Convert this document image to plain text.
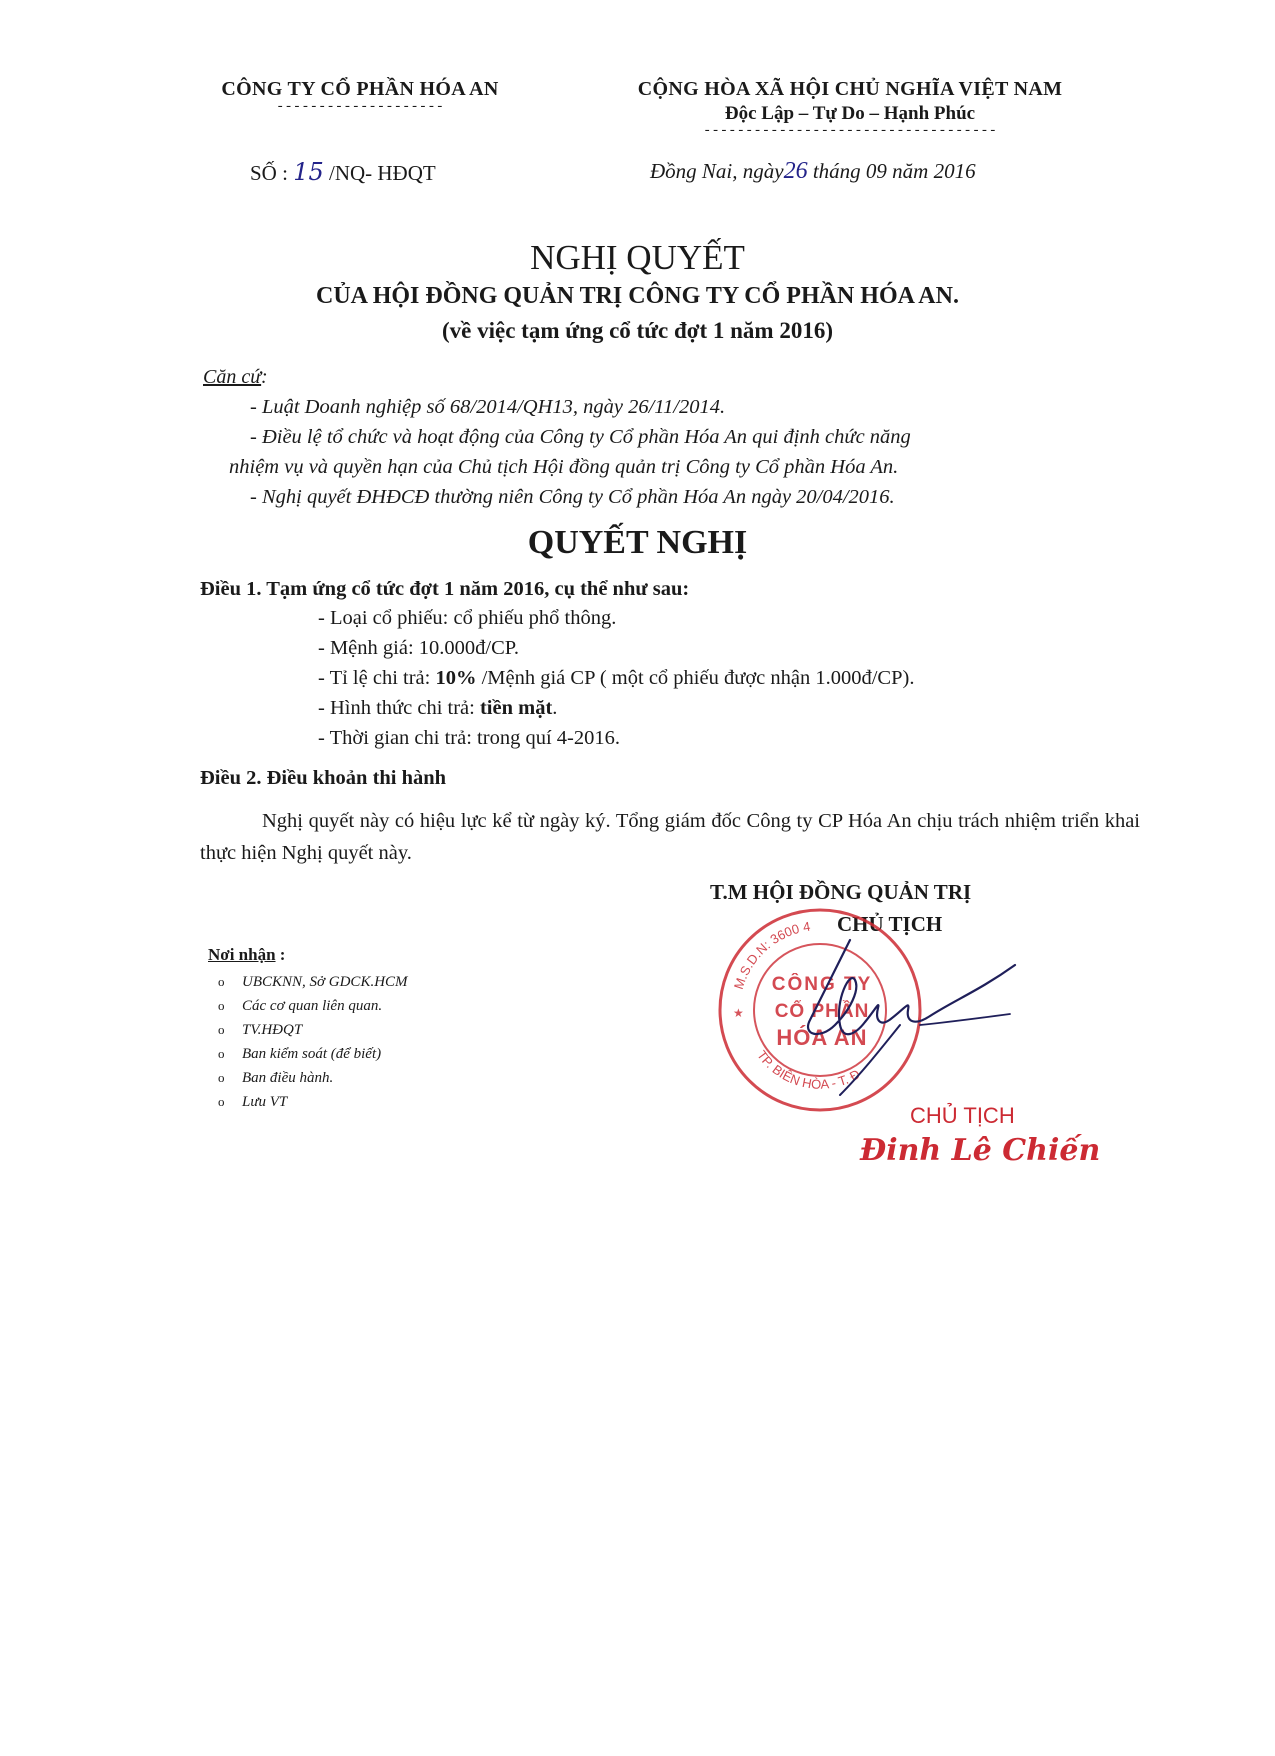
CÔNG TY CỔ PHẦN HÓA AN
--------------------
CỘNG HÒA XÃ HỘI CHỦ NGHĨA VIỆT NAM
Độc Lập – Tự Do – Hạnh Phúc
-----------------------------------
SỐ : 15 /NQ- HĐQT	Đồng Nai, ngày26 tháng 09 năm 2016
NGHỊ QUYẾT
CỦA HỘI ĐỒNG QUẢN TRỊ CÔNG TY CỔ PHẦN HÓA AN.
(về việc tạm ứng cổ tức đợt 1 năm 2016)
Căn cứ :
- Luật Doanh nghiệp số 68/2014/QH13, ngày 26/11/2014.
- Điều lệ tổ chức và hoạt động của Công ty Cổ phần Hóa An qui định chức năng
nhiệm vụ và quyền hạn của Chủ tịch Hội đồng quản trị Công ty Cổ phần Hóa An.
- Nghị quyết ĐHĐCĐ thường niên Công ty Cổ phần Hóa An ngày 20/04/2016.
QUYẾT NGHỊ
Điều 1. Tạm ứng cổ tức đợt 1 năm 2016, cụ thể như sau:
- Loại cổ phiếu: cổ phiếu phổ thông.
- Mệnh giá: 10.000đ/CP.
- Tỉ lệ chi trả: 10% /Mệnh giá CP ( một cổ phiếu được nhận 1.000đ/CP).
- Hình thức chi trả: tiền mặt.
- Thời gian chi trả: trong quí 4-2016.
Điều 2. Điều khoản thi hành
Nghị quyết này có hiệu lực kể từ ngày ký. Tổng giám đốc Công ty CP Hóa An chịu trách nhiệm triển khai thực hiện Nghị quyết này.
T.M HỘI ĐỒNG QUẢN TRỊ
CHỦ TỊCH
Nơi nhận :
o UBCKNN, Sở GDCK.HCM
o Các cơ quan liên quan.
o TV.HĐQT
o Ban kiểm soát (để biết)
o Ban điều hành.
o Lưu VT
M.S.D.N: 3600 4
TP. BIÊN HÒA - T. Đ
CÔNG TY
CỔ PHẦN
HÓA AN
★
CHỦ TỊCH
Đinh Lê Chiến
